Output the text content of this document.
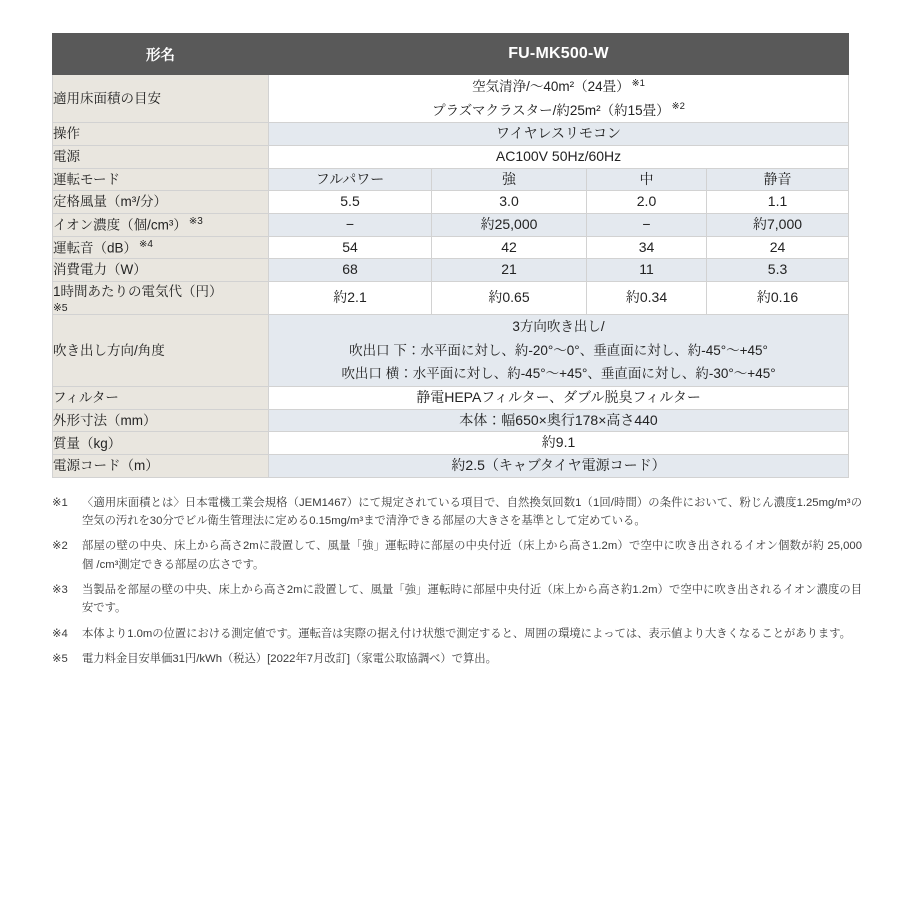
形名	FU-MK500-W			
適用床面積の目安	空気清浄/〜40m²（24畳） $^{※1}$
プラズマクラスター/約25m²（約15畳） $^{※2}$

操作	ワイヤレスリモコン			

電源	AC100V 50Hz/60Hz			

運転モード	フルパワー	強	中	静音
定格風量（m³/分）	5.5	3.0	2.0	1.1
イオン濃度（個/cm³） $^{※3}$	−	約25,000	−	約7,000
運転音（dB） $^{※4}$	54	42	34	24
消費電力（W）	68	21	11	5.3
1時間あたりの電気代（円）
※5	約2.1	約0.65	約0.34	約0.16
吹き出し方向/角度	3方向吹き出し/
吹出口 下：水平面に対し、約-20°〜0°、垂直面に対し、約-45°〜+45°
吹出口 横：水平面に対し、約-45°〜+45°、垂直面に対し、約-30°〜+45°			

フィルター	静電HEPAフィルター、ダブル脱臭フィルター			

外形寸法（mm）	本体：幅650×奥行178×高さ440			

質量（kg）	約9.1			

電源コード（m）	約2.5（キャブタイヤ電源コード）			
※1	〈適用床面積とは〉日本電機工業会規格（JEM1467）にて規定されている項目で、自然換気回数1（1回/時間）の条件において、粉じん濃度1.25mg/m³の空気の汚れを30分でビル衛生管理法に定める0.15mg/m³まで清浄できる部屋の大きさを基準として定めている。
※2	部屋の壁の中央、床上から高さ2mに設置して、風量「強」運転時に部屋の中央付近（床上から高さ1.2m）で空中に吹き出されるイオン個数が約 25,000 個 /cm³測定できる部屋の広さです。
※3	当製品を部屋の壁の中央、床上から高さ2mに設置して、風量「強」運転時に部屋中央付近（床上から高さ約1.2m）で空中に吹き出されるイオン濃度の目安です。
※4	本体より1.0mの位置における測定値です。運転音は実際の据え付け状態で測定すると、周囲の環境によっては、表示値より大きくなることがあります。
※5	電力料金目安単価31円/kWh（税込）[2022年7月改訂]（家電公取協調べ）で算出。
